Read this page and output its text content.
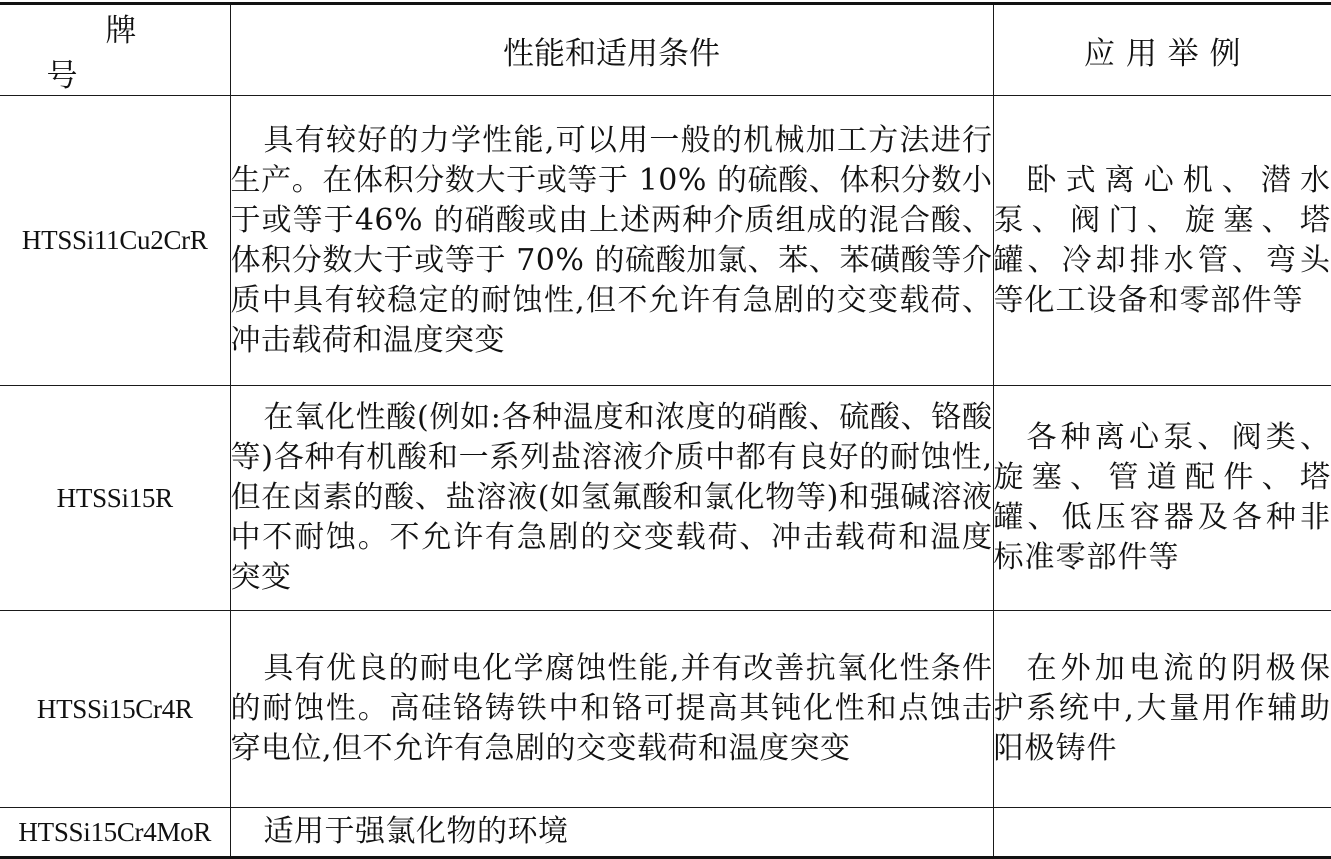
牌号	性能和适用条件	应用举例
HTSSi11Cu2CrR	具有较好的力学性能,可以用一般的机械加工方法进行生产。在体积分数大于或等于 10% 的硫酸、体积分数小于或等于46% 的硝酸或由上述两种介质组成的混合酸、体积分数大于或等于 70% 的硫酸加氯、苯、苯磺酸等介质中具有较稳定的耐蚀性,但不允许有急剧的交变载荷、冲击载荷和温度突变	卧式离心机、潜水泵、阀门、旋塞、塔罐、冷却排水管、弯头等化工设备和零部件等

HTSSi15R	在氧化性酸(例如:各种温度和浓度的硝酸、硫酸、铬酸等)各种有机酸和一系列盐溶液介质中都有良好的耐蚀性,但在卤素的酸、盐溶液(如氢氟酸和氯化物等)和强碱溶液中不耐蚀。不允许有急剧的交变载荷、冲击载荷和温度突变	各种离心泵、阀类、旋塞、管道配件、塔罐、低压容器及各种非标准零部件等

HTSSi15Cr4R	具有优良的耐电化学腐蚀性能,并有改善抗氧化性条件的耐蚀性。高硅铬铸铁中和铬可提高其钝化性和点蚀击穿电位,但不允许有急剧的交变载荷和温度突变	在外加电流的阴极保护系统中,大量用作辅助阳极铸件

HTSSi15Cr4MoR	适用于强氯化物的环境	
